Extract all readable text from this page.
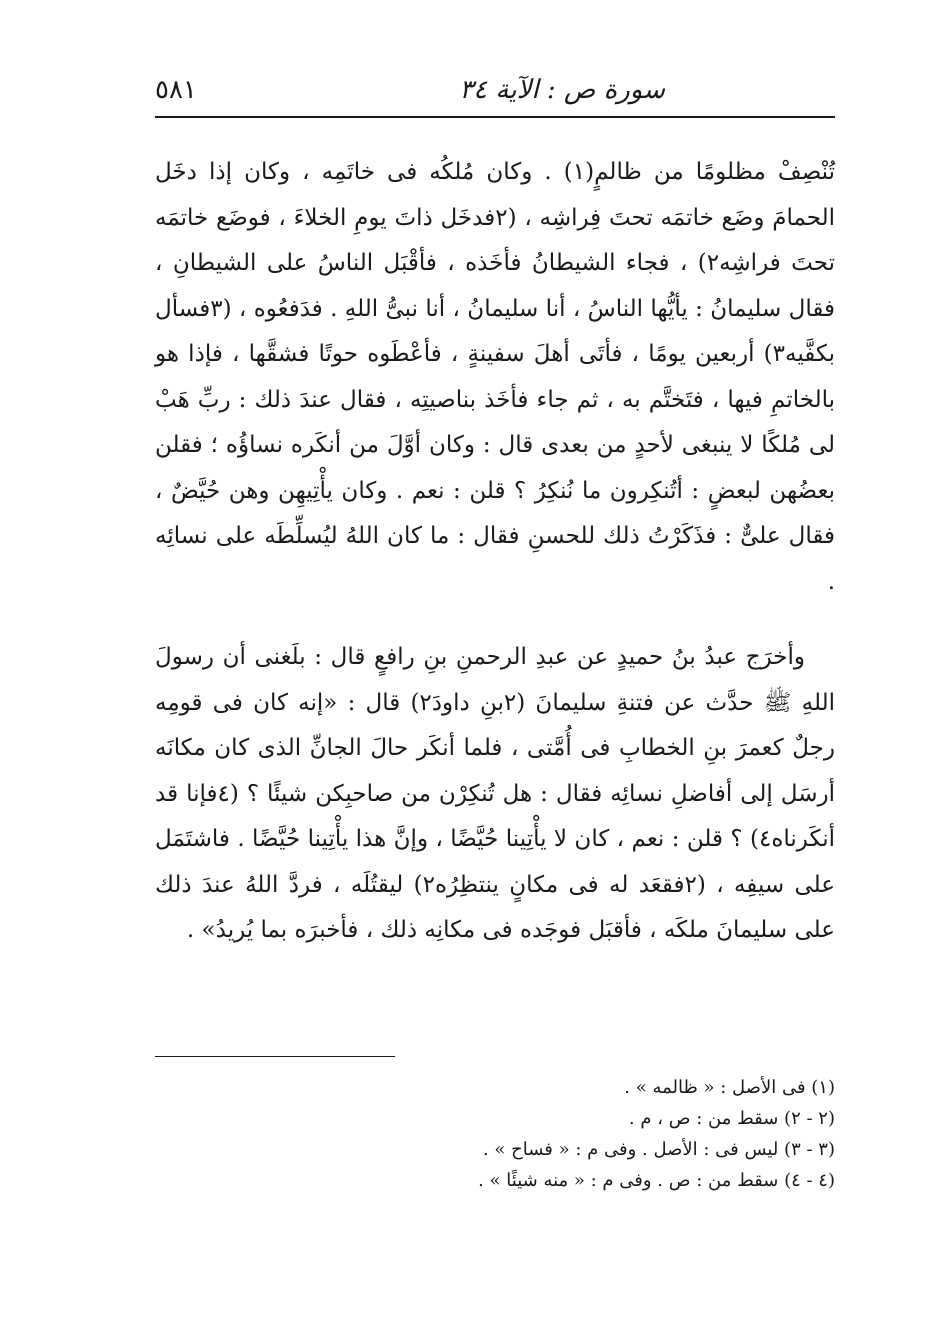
سورة ص : الآية ٣٤
٥٨١

تُنْصِفْ مظلومًا من ظالمٍ(١) . وكان مُلكُه فى خاتَمِه ، وكان إذا دخَل الحمامَ وضَع خاتمَه تحتَ فِراشِه ، (٢فدخَل ذاتَ يومِ الخلاءَ ، فوضَع خاتمَه تحتَ فراشِه٢) ، فجاء الشيطانُ فأخَذه ، فأقْبَل الناسُ على الشيطانِ ، فقال سليمانُ : يأيُّها الناسُ ، أنا سليمانُ ، أنا نبىُّ اللهِ . فدَفعُوه ، (٣فسأل بكفَّيه٣) أربعين يومًا ، فأتَى أهلَ سفينةٍ ، فأعْطَوه حوتًا فشقَّها ، فإذا هو بالخاتمِ فيها ، فتَختَّم به ، ثم جاء فأخَذ بناصيتِه ، فقال عندَ ذلك : ربِّ هَبْ لى مُلكًا لا ينبغى لأحدٍ من بعدى قال : وكان أوَّلَ من أنكَره نساؤُه ؛ فقلن بعضُهن لبعضٍ : أتُنكِرون ما نُنكِرُ ؟ قلن : نعم . وكان يأْتِيهِن وهن حُيَّضٌ ، فقال علىٌّ : فذَكَرْتُ ذلك للحسنِ فقال : ما كان اللهُ ليُسلِّطَه على نسائِه .

وأخرَج عبدُ بنُ حميدٍ عن عبدِ الرحمنِ بنِ رافعٍ قال : بلَغنى أن رسولَ اللهِ ﷺ حدَّث عن فتنةِ سليمانَ (٢بنِ داودَ٢) قال : «إنه كان فى قومِه رجلٌ كعمرَ بنِ الخطابِ فى أُمَّتى ، فلما أنكَر حالَ الجانِّ الذى كان مكانَه أرسَل إلى أفاضلِ نسائِه فقال : هل تُنكِرْن من صاحبِكن شيئًا ؟ (٤فإنا قد أنكَرناه٤) ؟ قلن : نعم ، كان لا يأْتِينا حُيَّضًا ، وإنَّ هذا يأْتِينا حُيَّضًا . فاشتَمَل على سيفِه ، (٢فقعَد له فى مكانٍ ينتظِرُه٢) ليقتُلَه ، فردَّ اللهُ عندَ ذلك على سليمانَ ملكَه ، فأقبَل فوجَده فى مكانِه ذلك ، فأخبرَه بما يُريدُ» .

(١) فى الأصل : « ظالمه » .

(٢ - ٢) سقط من : ص ، م .

(٣ - ٣) ليس فى : الأصل . وفى م : « فساح » .

(٤ - ٤) سقط من : ص . وفى م : « منه شيئًا » .
